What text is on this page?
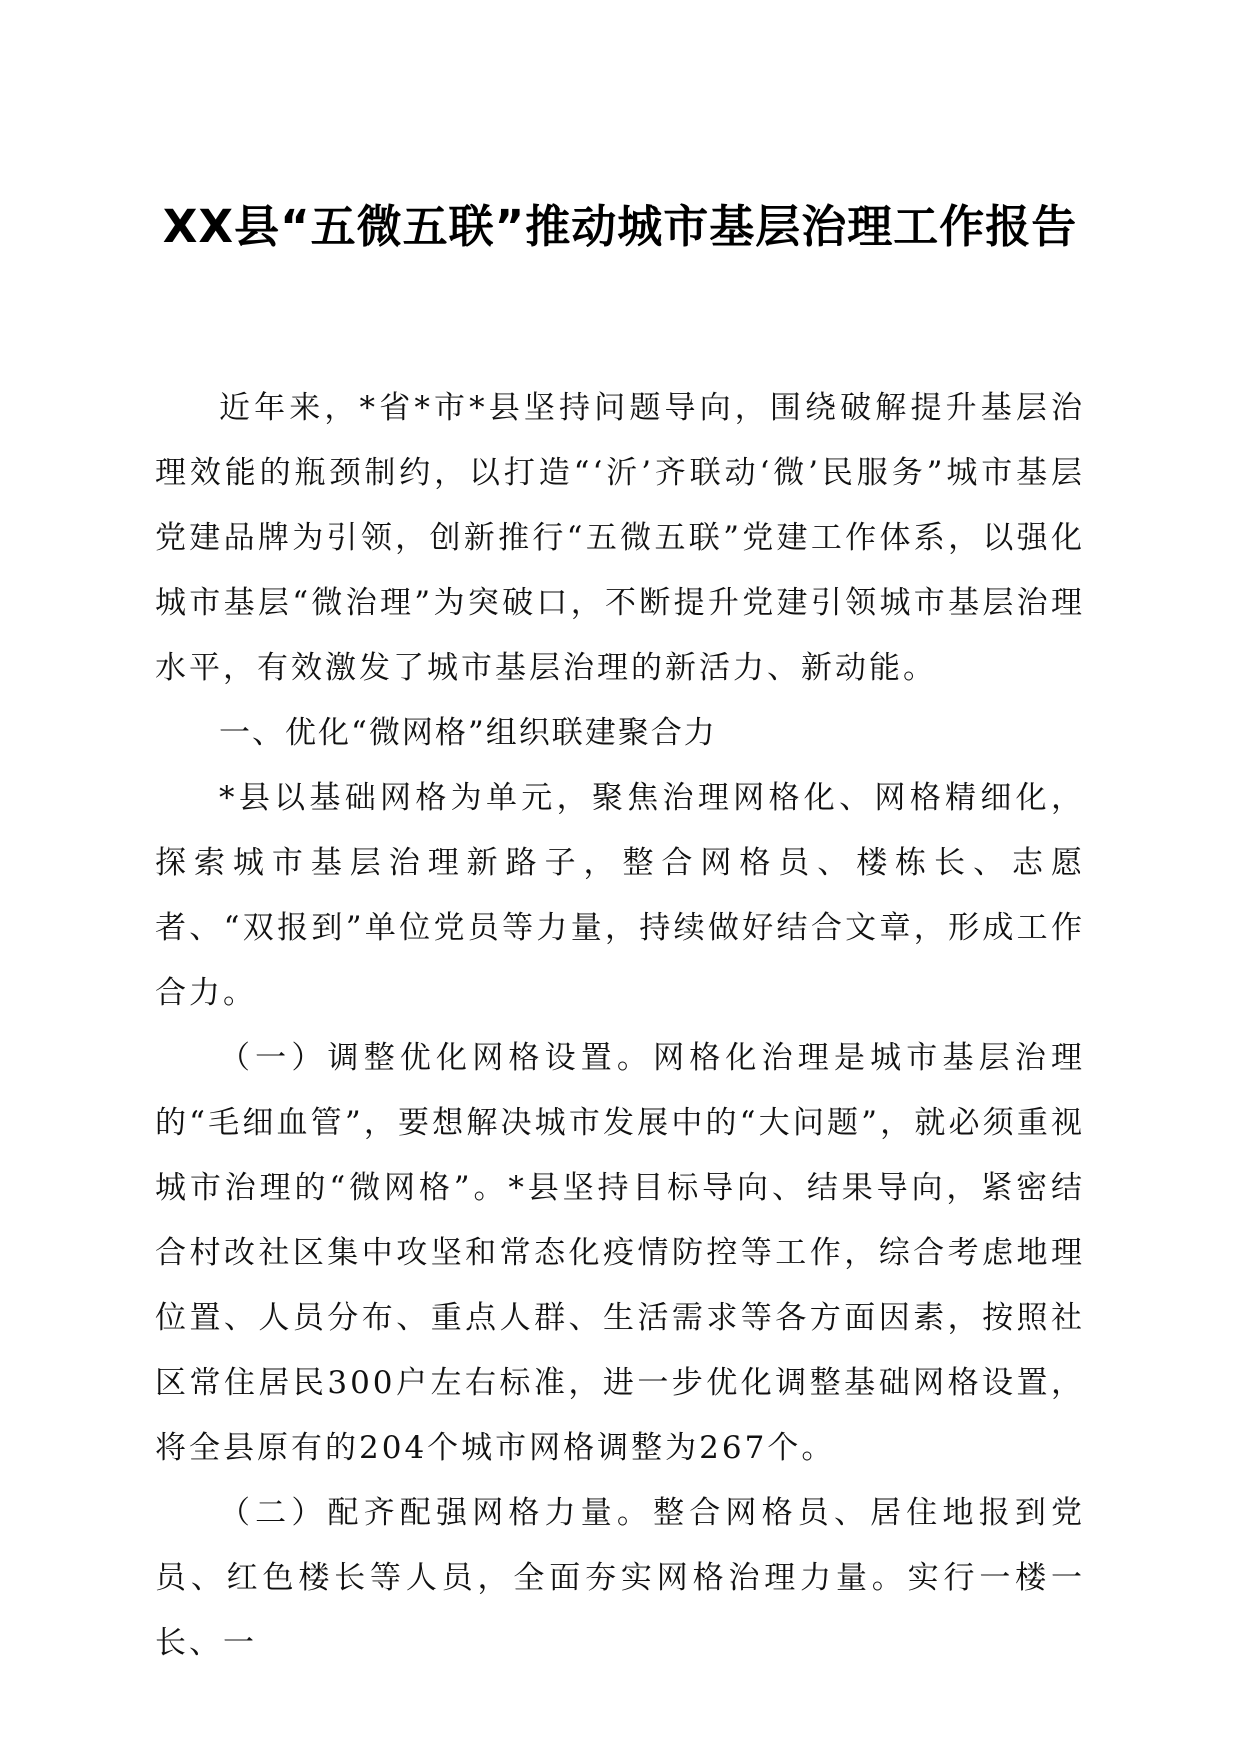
XX县“五微五联”推动城市基层治理工作报告

近年来，*省*市*县坚持问题导向，围绕破解提升基层治理效能的瓶颈制约，以打造“‘沂’齐联动‘微’民服务”城市基层党建品牌为引领，创新推行“五微五联”党建工作体系，以强化城市基层“微治理”为突破口，不断提升党建引领城市基层治理水平，有效激发了城市基层治理的新活力、新动能。

一、优化“微网格”组织联建聚合力

*县以基础网格为单元，聚焦治理网格化、网格精细化，探索城市基层治理新路子，整合网格员、楼栋长、志愿者、“双报到”单位党员等力量，持续做好结合文章，形成工作合力。

（一）调整优化网格设置。网格化治理是城市基层治理的“毛细血管”，要想解决城市发展中的“大问题”，就必须重视城市治理的“微网格”。*县坚持目标导向、结果导向，紧密结合村改社区集中攻坚和常态化疫情防控等工作，综合考虑地理位置、人员分布、重点人群、生活需求等各方面因素，按照社区常住居民300户左右标准，进一步优化调整基础网格设置，将全县原有的204个城市网格调整为267个。

（二）配齐配强网格力量。整合网格员、居住地报到党员、红色楼长等人员，全面夯实网格治理力量。实行一楼一长、一
